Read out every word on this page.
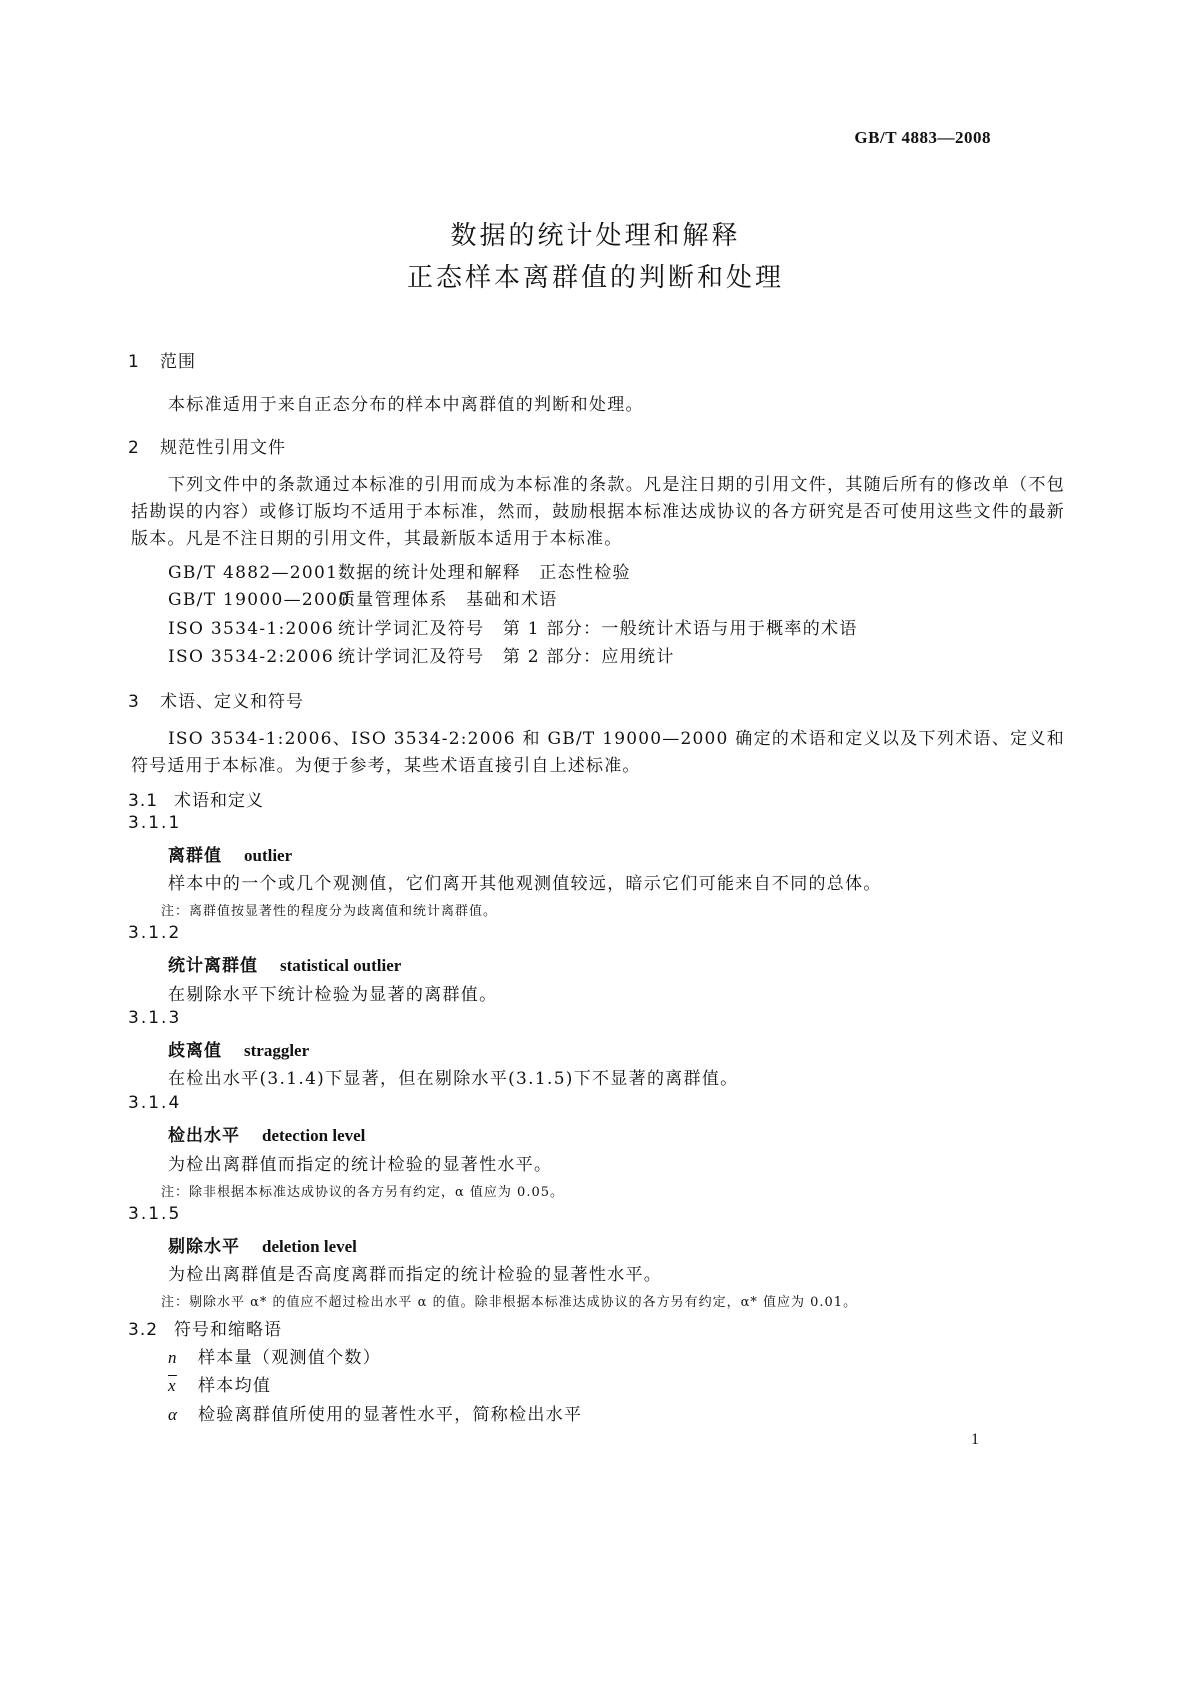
GB/T 4883—2008
数据的统计处理和解释
正态样本离群值的判断和处理
1 范围
本标准适用于来自正态分布的样本中离群值的判断和处理。
2 规范性引用文件

下列文件中的条款通过本标准的引用而成为本标准的条款。凡是注日期的引用文件，其随后所有的修改单（不包括勘误的内容）或修订版均不适用于本标准，然而，鼓励根据本标准达成协议的各方研究是否可使用这些文件的最新版本。凡是不注日期的引用文件，其最新版本适用于本标准。

GB/T 4882—2001数据的统计处理和解释　正态性检验
GB/T 19000—2000质量管理体系　基础和术语
ISO 3534-1:2006 统计学词汇及符号　第 1 部分：一般统计术语与用于概率的术语
ISO 3534-2:2006 统计学词汇及符号　第 2 部分：应用统计
3 术语、定义和符号

ISO 3534-1:2006、ISO 3534-2:2006 和 GB/T 19000—2000 确定的术语和定义以及下列术语、定义和符号适用于本标准。为便于参考，某些术语直接引自上述标准。

3.1 术语和定义
3.1.1
离群值 outlier
样本中的一个或几个观测值，它们离开其他观测值较远，暗示它们可能来自不同的总体。
注：离群值按显著性的程度分为歧离值和统计离群值。
3.1.2
统计离群值 statistical outlier
在剔除水平下统计检验为显著的离群值。
3.1.3
歧离值 straggler
在检出水平(3.1.4)下显著，但在剔除水平(3.1.5)下不显著的离群值。
3.1.4
检出水平 detection level
为检出离群值而指定的统计检验的显著性水平。
注：除非根据本标准达成协议的各方另有约定，α 值应为 0.05。
3.1.5
剔除水平 deletion level
为检出离群值是否高度离群而指定的统计检验的显著性水平。
注：剔除水平 α* 的值应不超过检出水平 α 的值。除非根据本标准达成协议的各方另有约定，α* 值应为 0.01。
3.2 符号和缩略语
n 样本量（观测值个数）
$\overline{x}$ 样本均值
α 检验离群值所使用的显著性水平，简称检出水平
1
